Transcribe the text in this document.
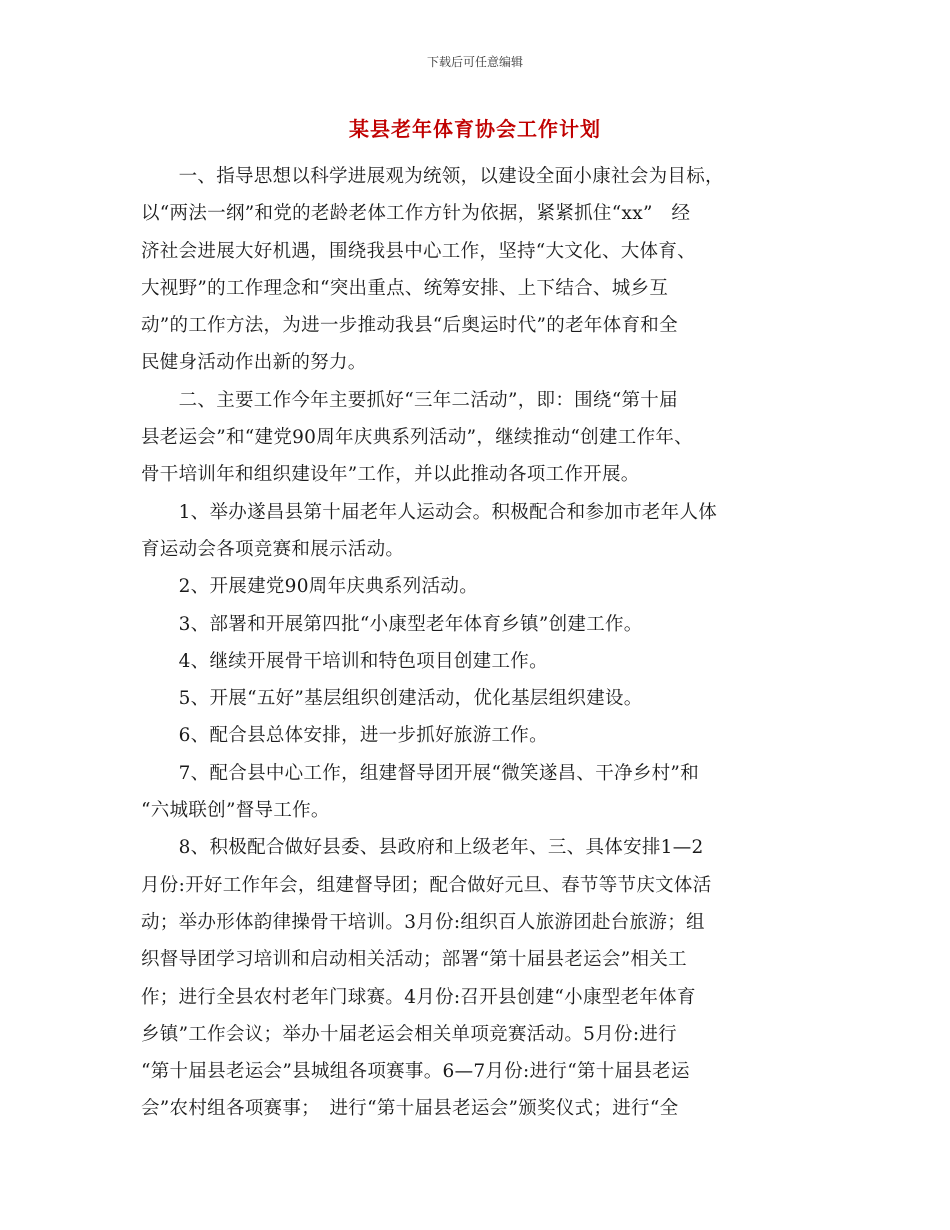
下载后可任意编辑
某县老年体育协会工作计划
　　一、指导思想以科学进展观为统领，以建设全面小康社会为目标，
以“两法一纲”和党的老龄老体工作方针为依据，紧紧抓住“xx”　经
济社会进展大好机遇，围绕我县中心工作，坚持“大文化、大体育、
大视野”的工作理念和“突出重点、统筹安排、上下结合、城乡互
动”的工作方法，为进一步推动我县“后奥运时代”的老年体育和全
民健身活动作出新的努力。
　　二、主要工作今年主要抓好“三年二活动”，即：围绕“第十届
县老运会”和“建党90周年庆典系列活动”，继续推动“创建工作年、
骨干培训年和组织建设年”工作，并以此推动各项工作开展。
　　1、举办遂昌县第十届老年人运动会。积极配合和参加市老年人体
育运动会各项竞赛和展示活动。
　　2、开展建党90周年庆典系列活动。
　　3、部署和开展第四批“小康型老年体育乡镇”创建工作。
　　4、继续开展骨干培训和特色项目创建工作。
　　5、开展“五好”基层组织创建活动，优化基层组织建设。
　　6、配合县总体安排，进一步抓好旅游工作。
　　7、配合县中心工作，组建督导团开展“微笑遂昌、干净乡村”和
“六城联创”督导工作。
　　8、积极配合做好县委、县政府和上级老年、三、具体安排1—2
月份:开好工作年会，组建督导团；配合做好元旦、春节等节庆文体活
动；举办形体韵律操骨干培训。3月份:组织百人旅游团赴台旅游；组
织督导团学习培训和启动相关活动；部署“第十届县老运会”相关工
作；进行全县农村老年门球赛。4月份:召开县创建“小康型老年体育
乡镇”工作会议；举办十届老运会相关单项竞赛活动。5月份:进行
“第十届县老运会”县城组各项赛事。6—7月份:进行“第十届县老运
会”农村组各项赛事；　进行“第十届县老运会”颁奖仪式；进行“全
